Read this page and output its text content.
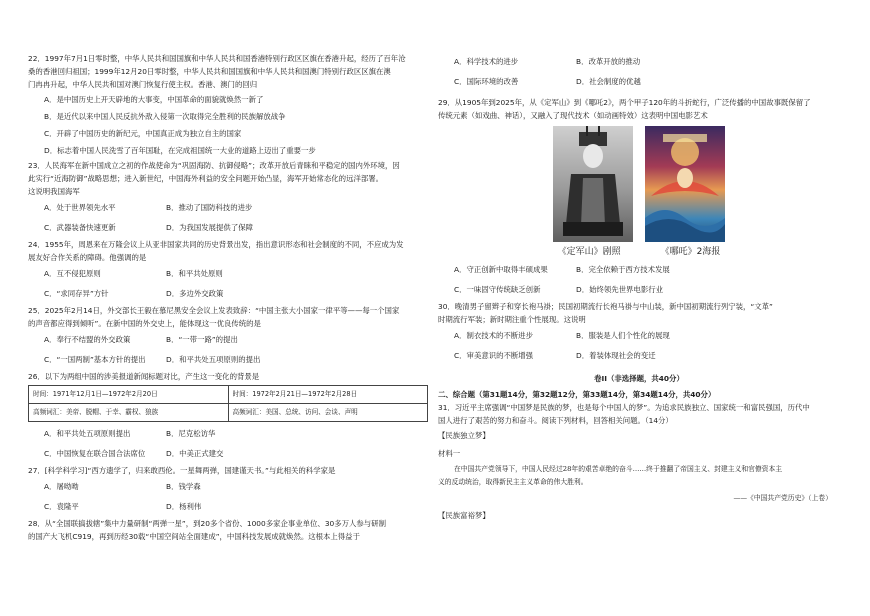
22．1997年7月1日零时整，中华人民共和国国旗和中华人民共和国香港特别行政区区旗在香港升起，经历了百年沧
桑的香港回归祖国；1999年12月20日零时整，中华人民共和国国旗和中华人民共和国澳门特别行政区区旗在澳
门冉冉升起，中华人民共和国对澳门恢复行使主权。香港、澳门的回归
A．是中国历史上开天辟地的大事变，中国革命的面貌就焕然一新了
B．是近代以来中国人民反抗外敌入侵第一次取得完全胜利的民族解放战争
C．开辟了中国历史的新纪元，中国真正成为独立自主的国家
D．标志着中国人民洗雪了百年国耻，在完成祖国统一大业的道路上迈出了重要一步
23．人民海军在新中国成立之初的作战使命为“巩固海防、抗御侵略”；改革开放后青睐和平稳定的国内外环境，因
此实行“近海防御”战略思想；进入新世纪，中国海外利益的安全问题开始凸显，海军开始常态化的远洋部署。
这说明我国海军
A．处于世界领先水平	B．推动了国防科技的进步
C．武器装备快速更新	D．为我国发展提供了保障
24．1955年，周恩来在万隆会议上从亚非国家共同的历史背景出发，指出意识形态和社会制度的不同，不应成为发
展友好合作关系的障碍。他强调的是
A．互不侵犯原则	B．和平共处原则
C．“求同存异”方针	D．多边外交政策
25．2025年2月14日，外交部长王毅在慕尼黑安全会议上发表致辞：“中国主张大小国家一律平等——每一个国家
的声音都应得到倾听”。在新中国的外交史上，能体现这一优良传统的是
A．奉行不结盟的外交政策	B．“一带一路”的提出
C．“一国两制”基本方针的提出	D．和平共处五项原则的提出
26．以下为两组中国的涉美报道新闻标题对比，产生这一变化的背景是
时间：1971年12月1日—1972年2月20日	时间：1972年2月21日—1972年2月28日
高频词汇：美帝、脱帽、于幸、霸权、狼族	高频词汇：美国、总统、访问、会谈、声明
A．和平共处五项原则提出	B．尼克松访华
C．中国恢复在联合国合法席位	D．中美正式建交
27．[科学科学习]“西方遗学了，归来敢西伦。一星舞两弹，国建谨天书。”与此相关的科学家是
A．屠呦呦	B．钱学森
C．袁隆平	D．杨利伟
28．从“全国联搞拔辖”集中力量研制“两弹一星”，到20多个省份、1000多家企事业单位、30多万人参与研制
的国产大飞机C919，再到历经30载“中国空间站全面建成”，中国科技发展成就焕然。这根本上得益于
A．科学技术的进步	B．改革开放的推动
C．国际环境的改善	D．社会制度的优越
29．从1905年到2025年，从《定军山》到《哪吒2》，两个甲子120年的斗折蛇行，广泛传播的中国故事既保留了
传统元素（如戏曲、神话），又融入了现代技术（如动画特效）这表明中国电影艺术
《定军山》剧照	《哪吒》2海报
A．守正创新中取得丰硕成果	B．完全依赖于西方技术发展
C．一味固守传统缺乏创新	D．始终领先世界电影行业
30．晚清男子留辫子和穿长袍马褂；民国初期流行长袍马褂与中山装，新中国初期流行列宁装，“文革”
时期流行军装；新时期注重个性展现。这说明
A．制衣技术的不断进步	B．服装是人们个性化的展现
C．审美意识的不断增强	D．着装体现社会的变迁
卷II（非选择题，共40分）
二、综合题（第31题14分，第32题12分，第33题14分，第34题14分，共40分）
31．习近平主席强调“中国梦是民族的梦，也是每个中国人的梦”。为追求民族独立、国家统一和富民强国，历代中
国人进行了艰苦的努力和奋斗。阅读下列材料，回答相关问题。（14分）
【民族独立梦】
材料一
在中国共产党领导下，中国人民经过28年的艰苦卓绝的奋斗……终于推翻了帝国主义、封建主义和官僚资本主
义的反动统治，取得新民主主义革命的伟大胜利。
——《中国共产党历史》（上卷）
【民族富裕梦】
